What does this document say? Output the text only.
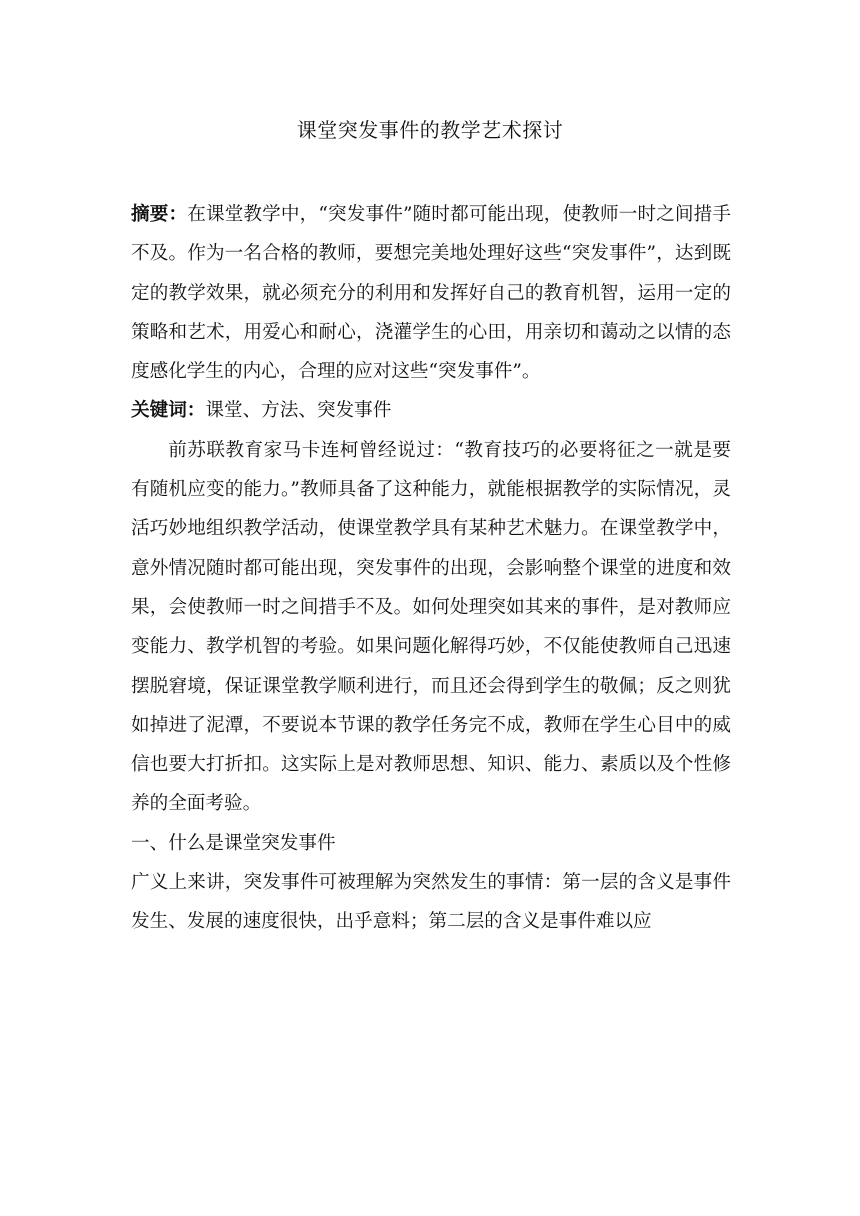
课堂突发事件的教学艺术探讨

摘要：在课堂教学中，“突发事件”随时都可能出现，使教师一时之间措手不及。作为一名合格的教师，要想完美地处理好这些“突发事件”，达到既定的教学效果，就必须充分的利用和发挥好自己的教育机智，运用一定的策略和艺术，用爱心和耐心，浇灌学生的心田，用亲切和蔼动之以情的态度感化学生的内心，合理的应对这些“突发事件”。

关键词：课堂、方法、突发事件

前苏联教育家马卡连柯曾经说过：“教育技巧的必要将征之一就是要有随机应变的能力。”教师具备了这种能力，就能根据教学的实际情况，灵活巧妙地组织教学活动，使课堂教学具有某种艺术魅力。在课堂教学中，意外情况随时都可能出现，突发事件的出现，会影响整个课堂的进度和效果，会使教师一时之间措手不及。如何处理突如其来的事件，是对教师应变能力、教学机智的考验。如果问题化解得巧妙，不仅能使教师自己迅速摆脱窘境，保证课堂教学顺利进行，而且还会得到学生的敬佩；反之则犹如掉进了泥潭，不要说本节课的教学任务完不成，教师在学生心目中的威信也要大打折扣。这实际上是对教师思想、知识、能力、素质以及个性修养的全面考验。

一、什么是课堂突发事件

广义上来讲，突发事件可被理解为突然发生的事情：第一层的含义是事件发生、发展的速度很快，出乎意料；第二层的含义是事件难以应
